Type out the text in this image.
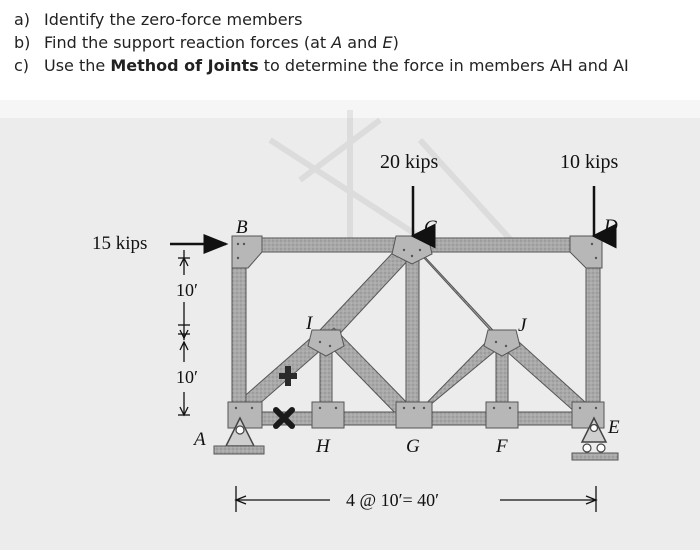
a) Identify the zero-force members
b) Find the support reaction forces (at A and E)
c) Use the Method of Joints to determine the force in members AH and AI
15 kips
20 kips	10 kips
B	C	D
I	J
A	H	G	F
E
10′
10′
4 @ 10′= 40′
